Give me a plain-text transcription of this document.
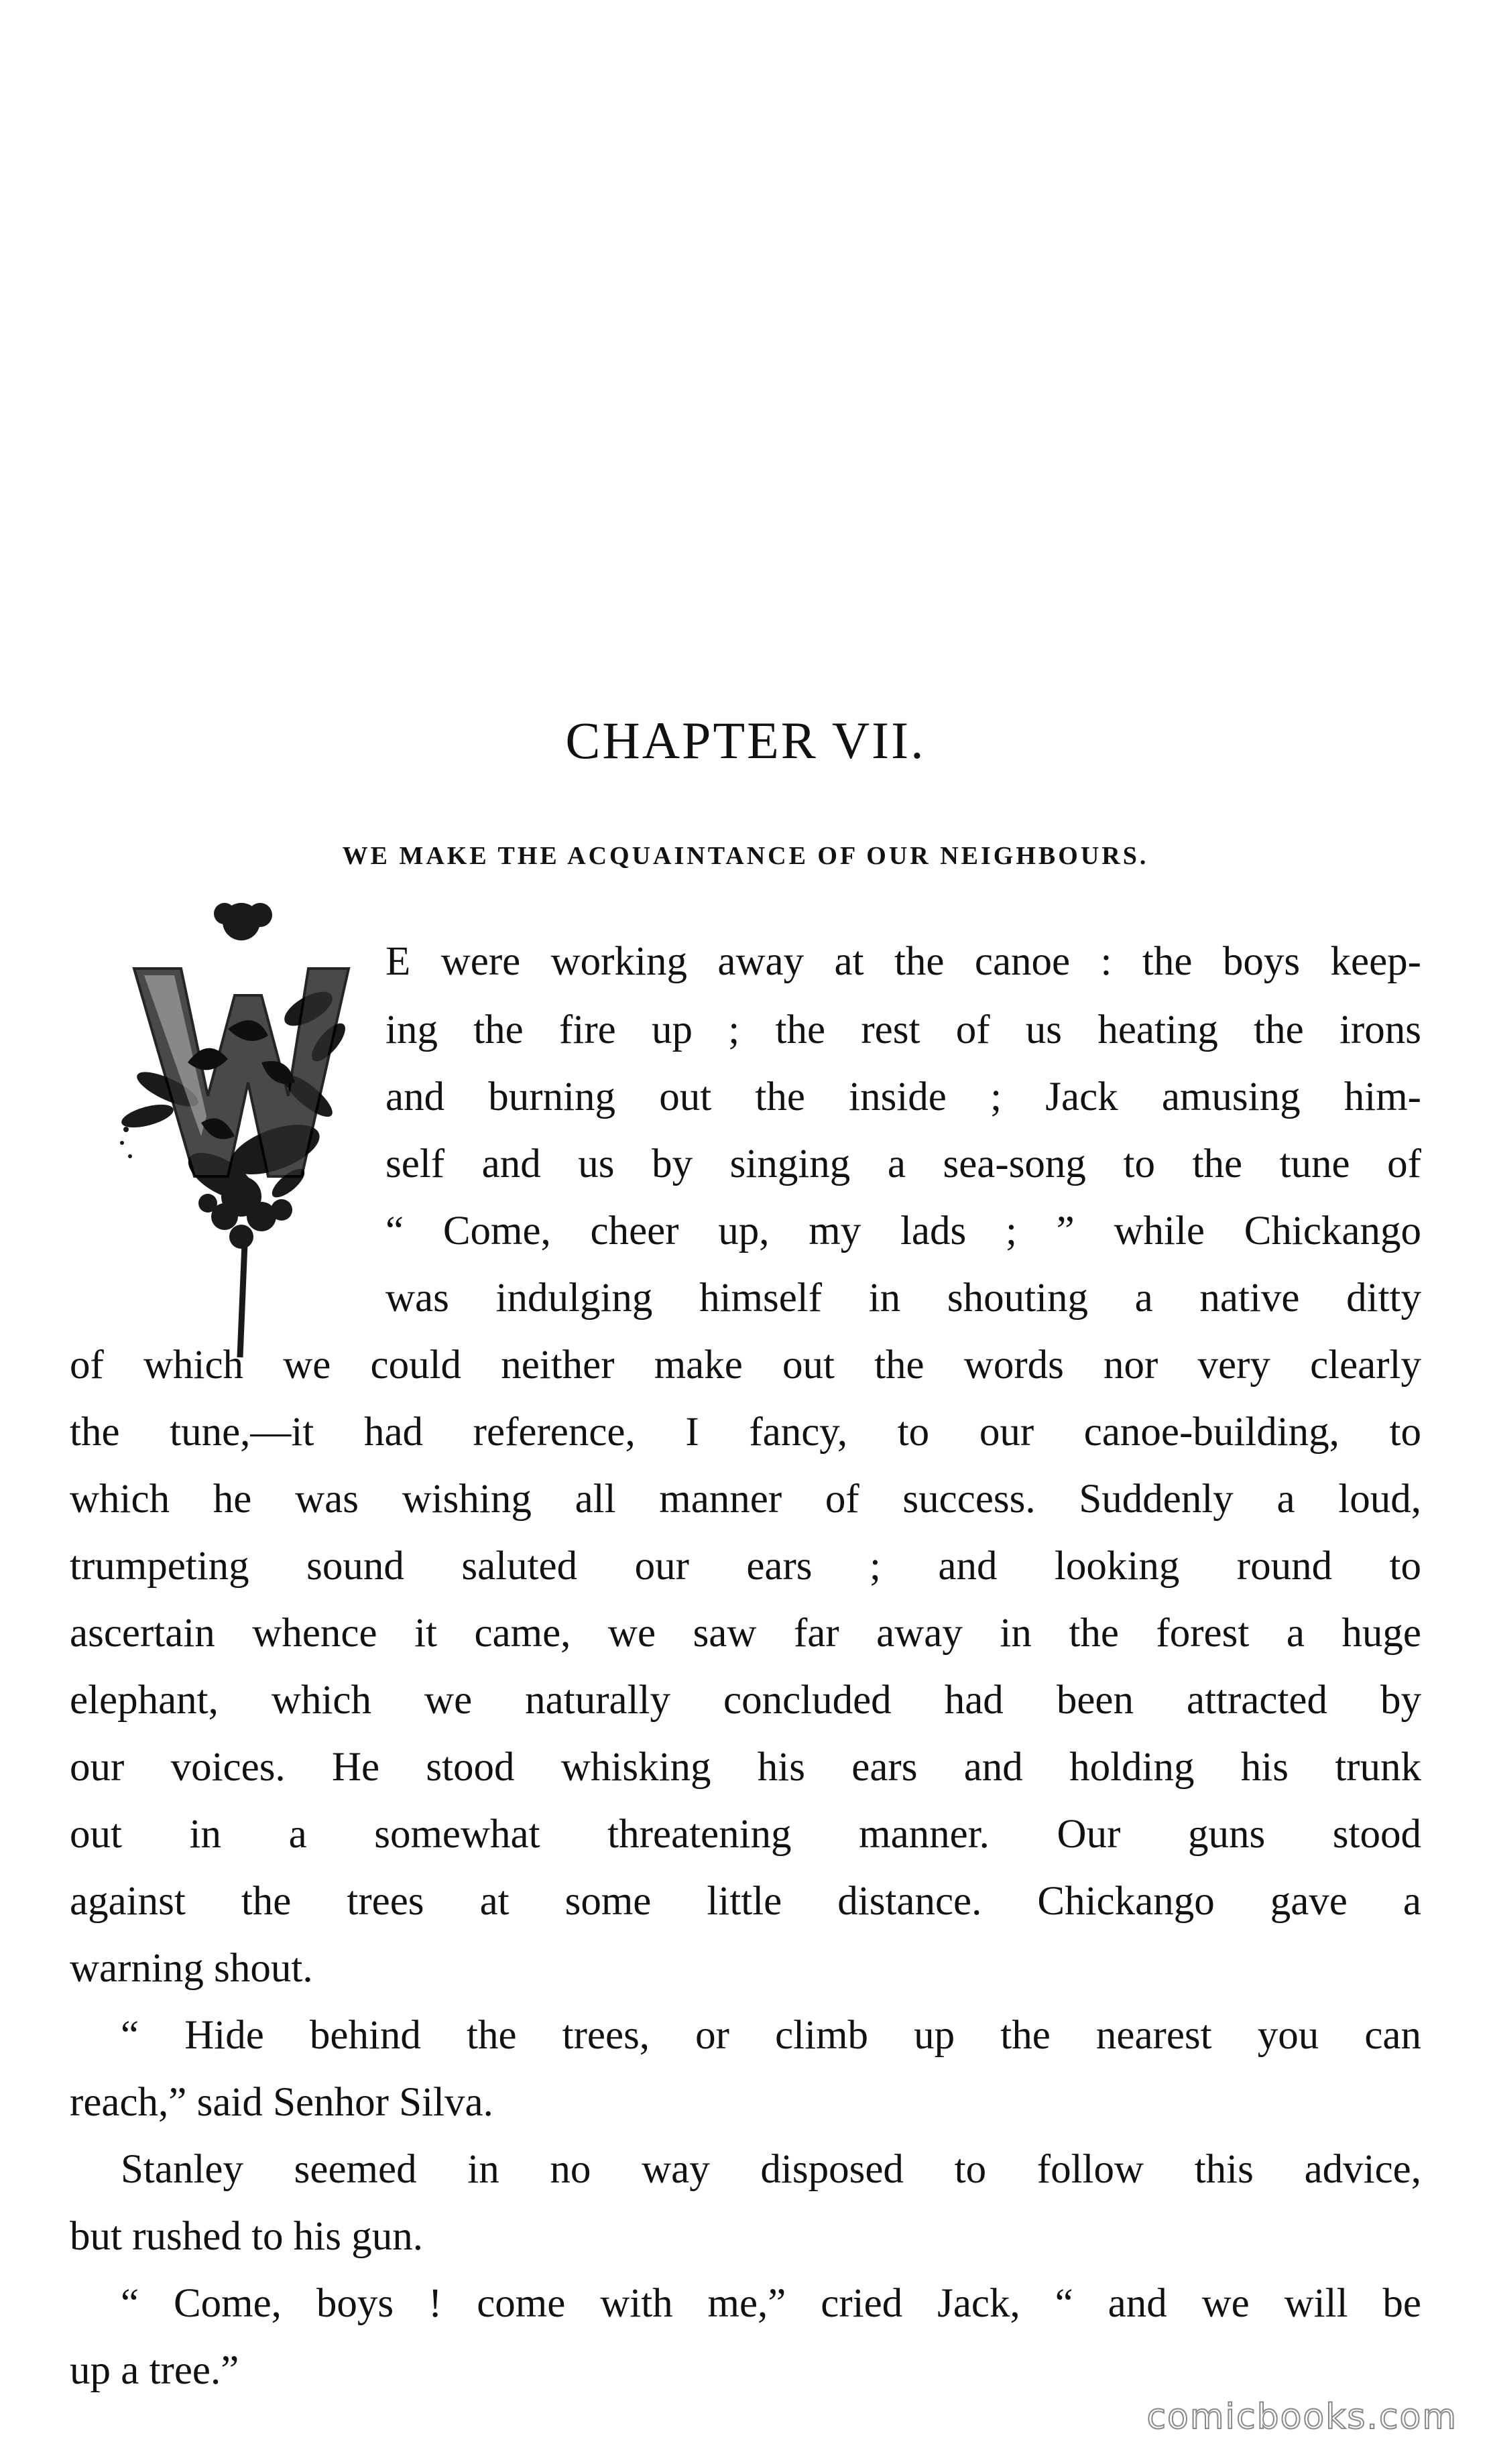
CHAPTER VII.
WE MAKE THE ACQUAINTANCE OF OUR NEIGHBOURS.
E were working away at the canoe : the boys keep-
ing the fire up ; the rest of us heating the irons
and burning out the inside ; Jack amusing him-
self and us by singing a sea-song to the tune of
“ Come, cheer up, my lads ; ” while Chickango
was indulging himself in shouting a native ditty
of which we could neither make out the words nor very clearly
the tune,—it had reference, I fancy, to our canoe-building, to
which he was wishing all manner of success. Suddenly a loud,
trumpeting sound saluted our ears ; and looking round to
ascertain whence it came, we saw far away in the forest a huge
elephant, which we naturally concluded had been attracted by
our voices. He stood whisking his ears and holding his trunk
out in a somewhat threatening manner. Our guns stood
against the trees at some little distance. Chickango gave a
warning shout.
“ Hide behind the trees, or climb up the nearest you can
reach,” said Senhor Silva.
Stanley seemed in no way disposed to follow this advice,
but rushed to his gun.
“ Come, boys ! come with me,” cried Jack, “ and we will be
up a tree.”
comicbooks.com
